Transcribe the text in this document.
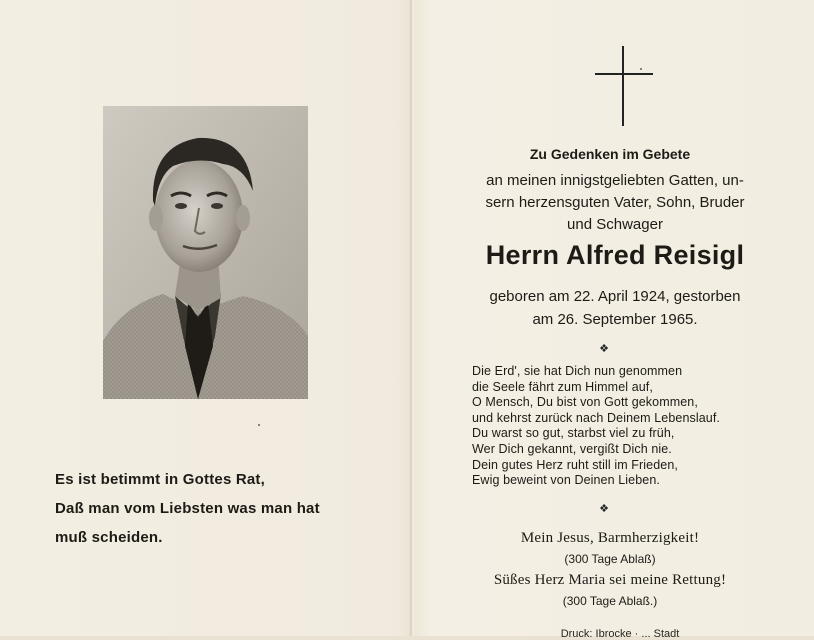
Es ist betimmt in Gottes Rat,
Daß man vom Liebsten was man hat
muß scheiden.
Zu Gedenken im Gebete
an meinen innigstgeliebten Gatten, un-
sern herzensguten Vater, Sohn, Bruder
und Schwager
Herrn Alfred Reisigl
geboren am 22. April 1924, gestorben
am 26. September 1965.
❖
Die Erd', sie hat Dich nun genommen
die Seele fährt zum Himmel auf,
O Mensch, Du bist von Gott gekommen,
und kehrst zurück nach Deinem Lebenslauf.
Du warst so gut, starbst viel zu früh,
Wer Dich gekannt, vergißt Dich nie.
Dein gutes Herz ruht still im Frieden,
Ewig beweint von Deinen Lieben.
❖
Mein Jesus, Barmherzigkeit!
(300 Tage Ablaß)
Süßes Herz Maria sei meine Rettung!
(300 Tage Ablaß.)
Druck: Ibrocke · ... Stadt
